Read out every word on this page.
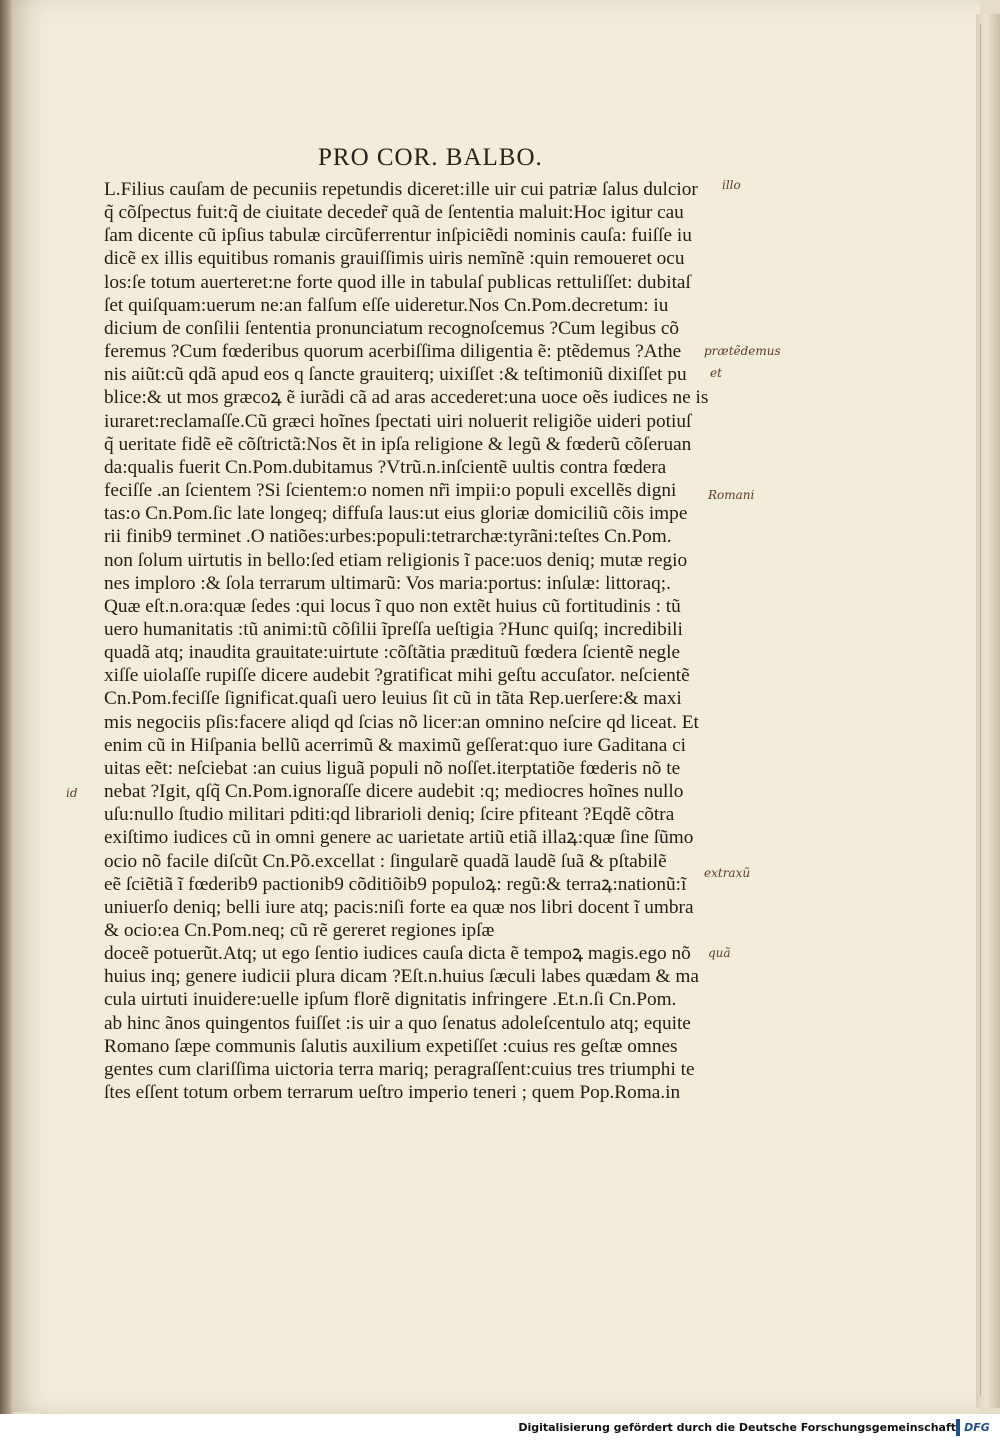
PRO COR. BALBO.
L.Filius cauſam de pecuniis repetundis diceret:ille uir cui patriæ ſalus dulcior
q̃ cõſpectus fuit:q̃ de ciuitate deceder̃ quã de ſententia maluit:Hoc igitur cau
ſam dicente cũ ipſius tabulæ circũferrentur inſpiciẽdi nominis cauſa: fuiſſe iu
dicẽ ex illis equitibus romanis grauiſſimis uiris nemĩnẽ :quin remoueret ocu
los:ſe totum auerteret:ne forte quod ille in tabulaſ publicas rettuliſſet: dubitaſ
ſet quiſquam:uerum ne:an falſum eſſe uideretur.Nos Cn.Pom.decretum: iu
dicium de conſilii ſententia pronunciatum recognoſcemus ?Cum legibus cõ
feremus ?Cum fœderibus quorum acerbiſſima diligentia ẽ: ptẽdemus ?Athe
nis aiũt:cũ qdã apud eos q ſancte grauiterq; uixiſſet :& teſtimoniũ dixiſſet pu
blice:& ut mos græcoꝝ ẽ iurãdi cã ad aras accederet:una uoce oẽs iudices ne is
iuraret:reclamaſſe.Cũ græci hoĩnes ſpectati uiri noluerit religiõe uideri potiuſ
q̃ ueritate fidẽ eẽ cõſtrictã:Nos ẽt in ipſa religione & legũ & fœderũ cõſeruan
da:qualis fuerit Cn.Pom.dubitamus ?Vtrũ.n.inſcientẽ uultis contra fœdera
feciſſe .an ſcientem ?Si ſcientem:o nomen nr̃i impii:o populi excellẽs digni
tas:o Cn.Pom.ſic late longeq; diffuſa laus:ut eius gloriæ domiciliũ cõis impe
rii finib9 terminet .O natiões:urbes:populi:tetrarchæ:tyrãni:teſtes Cn.Pom.
non ſolum uirtutis in bello:ſed etiam religionis ĩ pace:uos deniq; mutæ regio
nes imploro :& ſola terrarum ultimarũ: Vos maria:portus: inſulæ: littoraq;.
Quæ eſt.n.ora:quæ ſedes :qui locus ĩ quo non extẽt huius cũ fortitudinis : tũ
uero humanitatis :tũ animi:tũ cõſilii ĩpreſſa ueſtigia ?Hunc quiſq; incredibili
quadã atq; inaudita grauitate:uirtute :cõſtãtia prædituũ fœdera ſcientẽ negle
xiſſe uiolaſſe rupiſſe dicere audebit ?gratificat mihi geſtu accuſator. neſcientẽ
Cn.Pom.feciſſe ſignificat.quaſi uero leuius ſit cũ in tãta Rep.uerſere:& maxi
mis negociis pſis:facere aliqd qd ſcias nõ licer:an omnino neſcire qd liceat. Et
enim cũ in Hiſpania bellũ acerrimũ & maximũ geſſerat:quo iure Gaditana ci
uitas eẽt: neſciebat :an cuius liguã populi nõ noſſet.iterptatiõe fœderis nõ te
nebat ?Igit, qſq̃ Cn.Pom.ignoraſſe dicere audebit :q; mediocres hoĩnes nullo
uſu:nullo ſtudio militari pditi:qd librarioli deniq; ſcire pfiteant ?Eqdẽ cõtra
exiſtimo iudices cũ in omni genere ac uarietate artiũ etiã illaꝝ:quæ ſine ſũmo
ocio nõ facile diſcũt Cn.Põ.excellat : ſingularẽ quadã laudẽ ſuã & pſtabilẽ
eẽ ſciẽtiã ĩ fœderib9 pactionib9 cõditiõib9 populoꝝ: regũ:& terraꝝ:nationũ:ĩ
uniuerſo deniq; belli iure atq; pacis:niſi forte ea quæ nos libri docent ĩ umbra
& ocio:ea Cn.Pom.neq; cũ rẽ gereret regiones ipſæ
doceẽ potuerũt.Atq; ut ego ſentio iudices cauſa dicta ẽ tempoꝝ magis.ego nõ
huius inq; genere iudicii plura dicam ?Eſt.n.huius ſæculi labes quædam & ma
cula uirtuti inuidere:uelle ipſum florẽ dignitatis infringere .Et.n.ſi Cn.Pom.
ab hinc ãnos quingentos fuiſſet :is uir a quo ſenatus adoleſcentulo atq; equite
Romano ſæpe communis ſalutis auxilium expetiſſet :cuius res geſtæ omnes
gentes cum clariſſima uictoria terra mariq; peragraſſent:cuius tres triumphi te
ſtes eſſent totum orbem terrarum ueſtro imperio teneri ; quem Pop.Roma.in
illo
prætẽdemus
et
Romani
id
extraxũ
quã
Digitalisierung gefördert durch die Deutsche Forschungsgemeinschaft DFG
